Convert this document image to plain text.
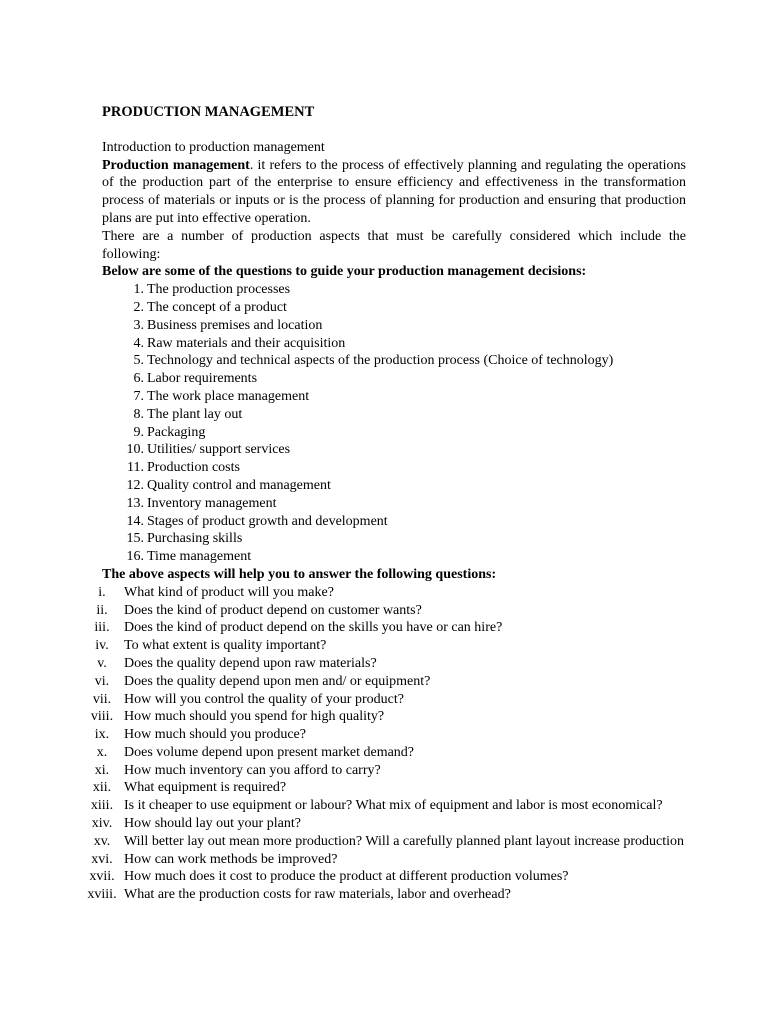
PRODUCTION MANAGEMENT

Introduction to production management

Production management. it refers to the process of effectively planning and regulating the operations of the production part of the enterprise to ensure efficiency and effectiveness in the transformation process of materials or inputs or is the process of planning for production and ensuring that production plans are put into effective operation.

There are a number of production aspects that must be carefully considered which include the following:

Below are some of the questions to guide your production management decisions:

1. The production processes
2. The concept of a product
3. Business premises and location
4. Raw materials and their acquisition
5. Technology and technical aspects of the production process (Choice of technology)
6. Labor requirements
7. The work place management
8. The plant lay out
9. Packaging
10. Utilities/ support services
11. Production costs
12. Quality control and management
13. Inventory management
14. Stages of product growth and development
15. Purchasing skills
16. Time management

The above aspects will help you to answer the following questions:

i.	What kind of product will you make?
ii.	Does the kind of product depend on customer wants?
iii.	Does the kind of product depend on the skills you have or can hire?
iv.	To what extent is quality important?
v.	Does the quality depend upon raw materials?
vi.	Does the quality depend upon men and/ or equipment?
vii. How will you control the quality of your product?
viii. How much should you spend for high quality?
ix.	How much should you produce?
x.	Does volume depend upon present market demand?
xi.	How much inventory can you afford to carry?
xii. What equipment is required?
xiii. Is it cheaper to use equipment or labour? What mix of equipment and labor is most economical?
xiv. How should lay out your plant?
xv. Will better lay out mean more production? Will a carefully planned plant layout increase production
xvi. How can work methods be improved?
xvii. How much does it cost to produce the product at different production volumes?
xviii. What are the production costs for raw materials, labor and overhead?
